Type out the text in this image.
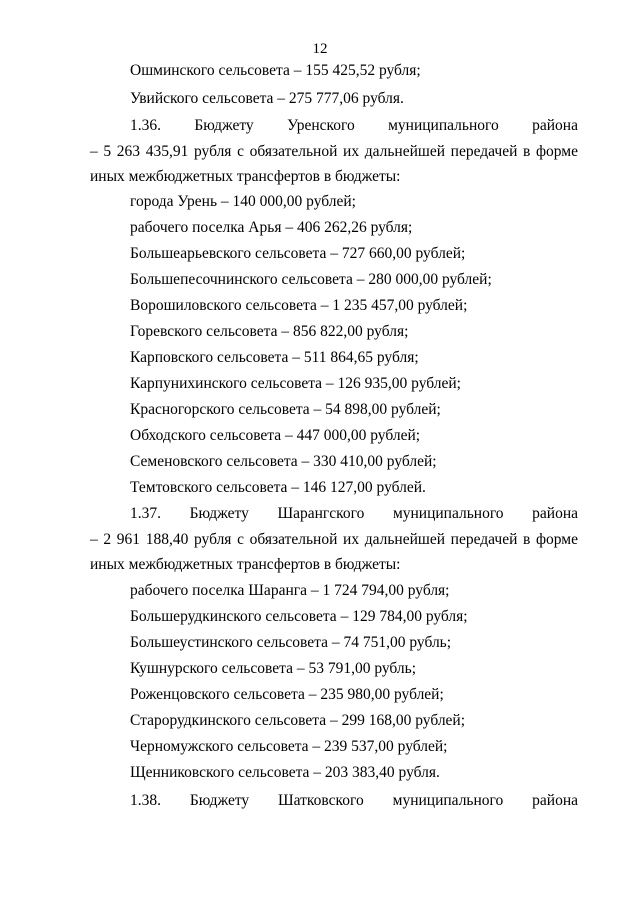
12
Ошминского сельсовета – 155 425,52 рубля;
Увийского сельсовета – 275 777,06 рубля.
1.36. Бюджету Уренского муниципального района
– 5 263 435,91 рубля с обязательной их дальнейшей передачей в форме
иных межбюджетных трансфертов в бюджеты:
города Урень – 140 000,00 рублей;
рабочего поселка Арья – 406 262,26 рубля;
Большеарьевского сельсовета – 727 660,00 рублей;
Большепесочнинского сельсовета – 280 000,00 рублей;
Ворошиловского сельсовета – 1 235 457,00 рублей;
Горевского сельсовета – 856 822,00 рубля;
Карповского сельсовета – 511 864,65 рубля;
Карпунихинского сельсовета – 126 935,00 рублей;
Красногорского сельсовета – 54 898,00 рублей;
Обходского сельсовета – 447 000,00 рублей;
Семеновского сельсовета – 330 410,00 рублей;
Темтовского сельсовета – 146 127,00 рублей.
1.37. Бюджету Шарангского муниципального района
– 2 961 188,40 рубля с обязательной их дальнейшей передачей в форме
иных межбюджетных трансфертов в бюджеты:
рабочего поселка Шаранга – 1 724 794,00 рубля;
Большерудкинского сельсовета – 129 784,00 рубля;
Большеустинского сельсовета – 74 751,00 рубль;
Кушнурского сельсовета – 53 791,00 рубль;
Роженцовского сельсовета – 235 980,00 рублей;
Старорудкинского сельсовета – 299 168,00 рублей;
Черномужского сельсовета – 239 537,00 рублей;
Щенниковского сельсовета – 203 383,40 рубля.
1.38. Бюджету Шатковского муниципального района
